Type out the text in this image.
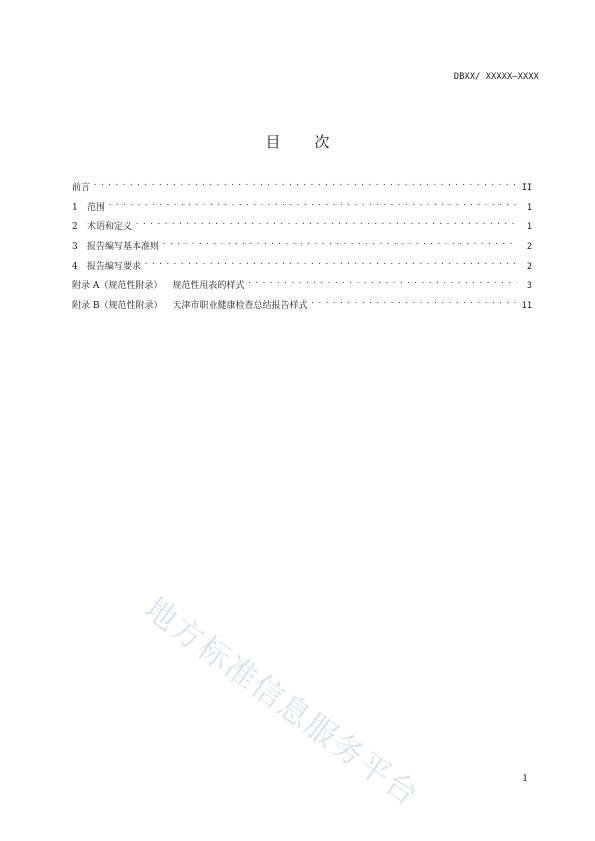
DBXX/ XXXXX—XXXX
目次
前言 . . .	II
1 范围 . . .	1
2 术语和定义 . . .	1
3 报告编写基本准则 . . .	2
4 报告编写要求 . . .	2
附录 A（规范性附录） 规范性用表的样式 . . .	3
附录 B（规范性附录） 天津市职业健康检查总结报告样式 . . .	11
地方标准信息服务平台	1
